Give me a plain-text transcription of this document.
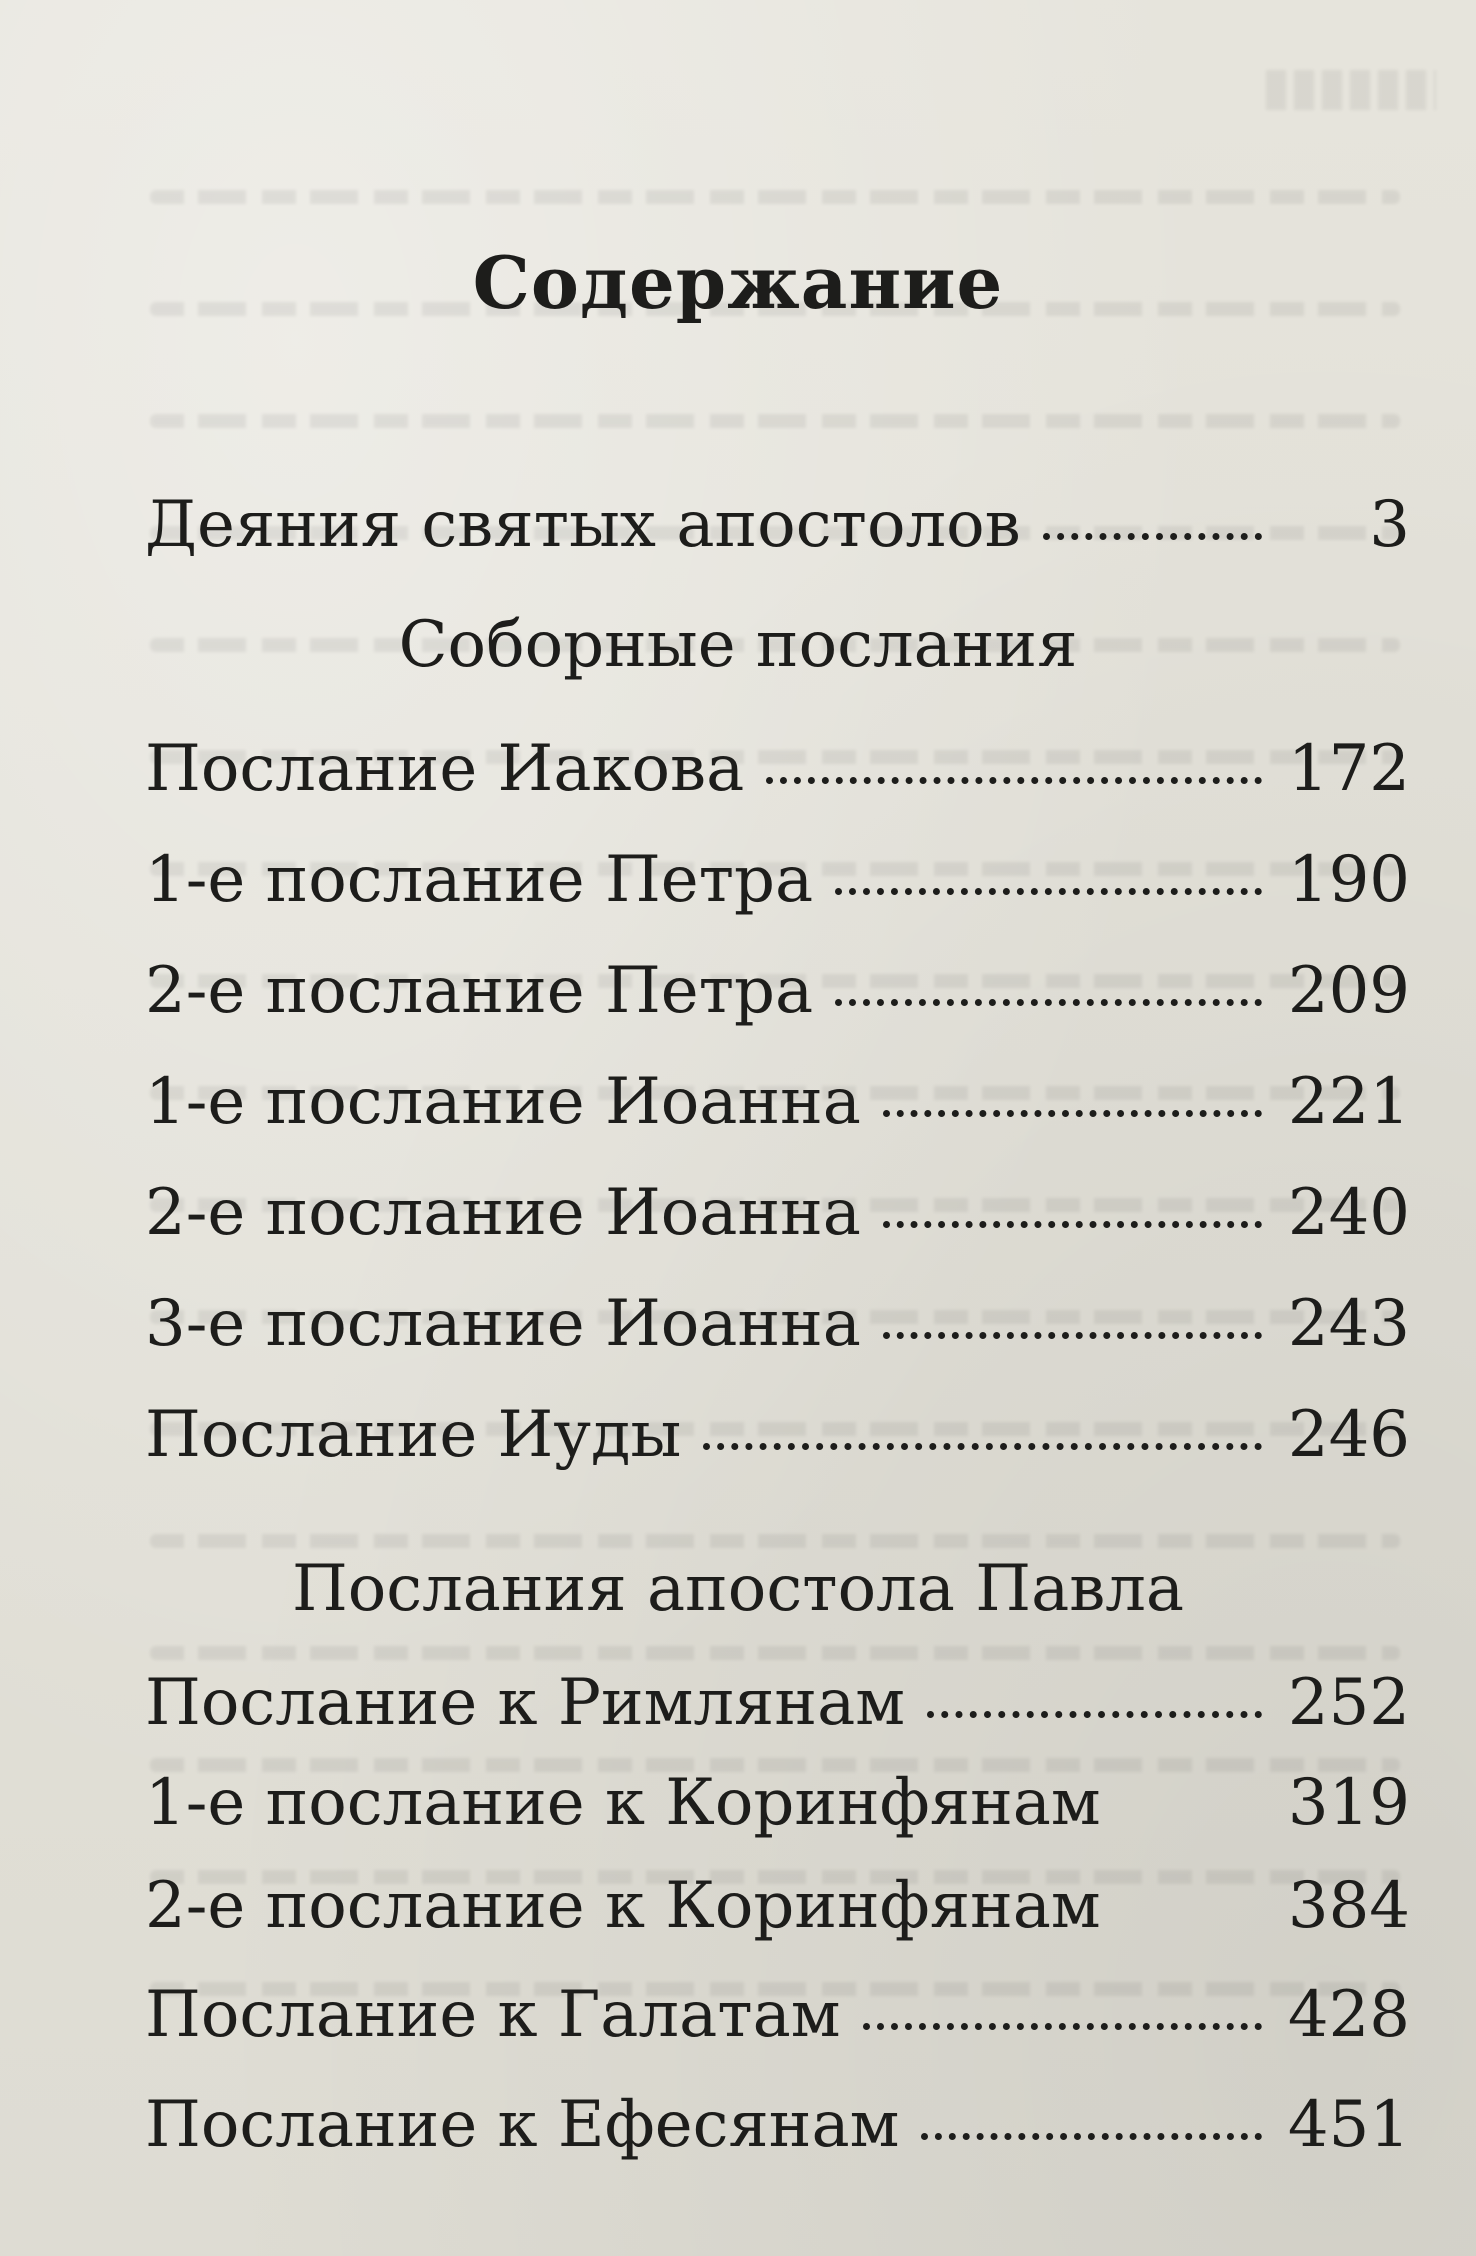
Содержание
Деяния святых апостолов	3
Соборные послания
Послание Иакова	172
1-е послание Петра	190
2-е послание Петра	209
1-е послание Иоанна	221
2-е послание Иоанна	240
3-е послание Иоанна	243
Послание Иуды	246
Послания апостола Павла
Послание к Римлянам	252
1-е послание к Коринфянам	319
2-е послание к Коринфянам	384
Послание к Галатам	428
Послание к Ефесянам	451
